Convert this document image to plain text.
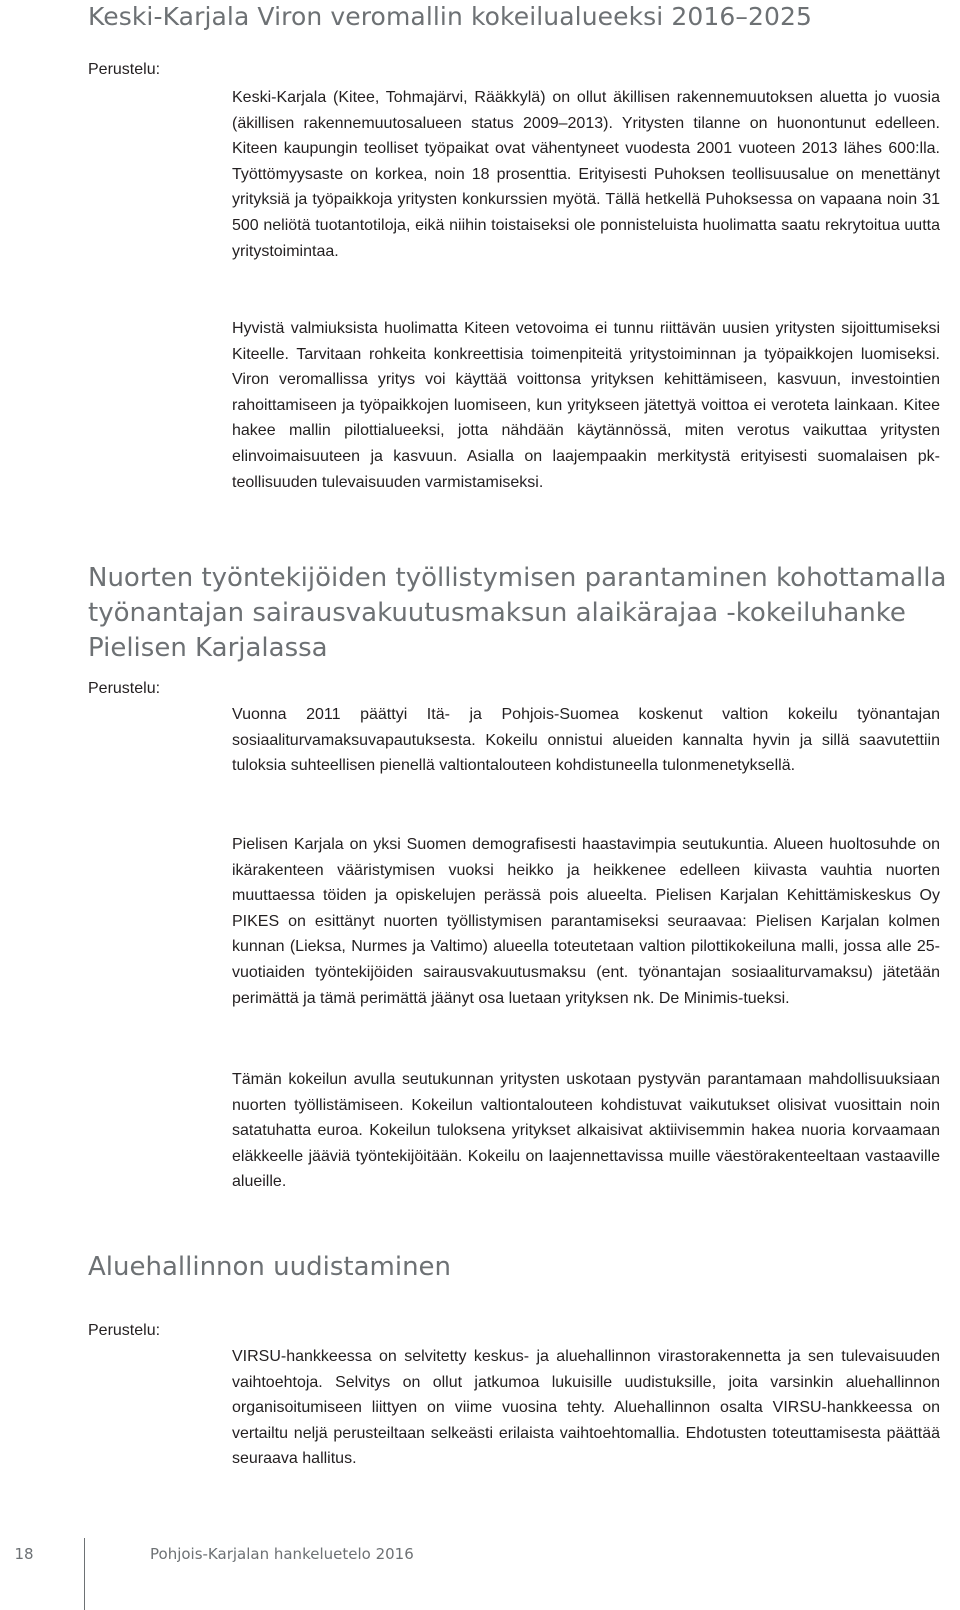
Keski-Karjala Viron veromallin kokeilualueeksi 2016–2025
Perustelu:

Keski-Karjala (Kitee, Tohmajärvi, Rääkkylä) on ollut äkillisen rakennemuutoksen aluetta jo vuosia (äkillisen rakennemuutosalueen status 2009–2013). Yritysten tilanne on huonontunut edelleen. Kiteen kaupungin teolliset työpaikat ovat vähentyneet vuodesta 2001 vuoteen 2013 lähes 600:lla. Työttömyysaste on korkea, noin 18 prosenttia. Erityisesti Puhoksen teollisuusalue on menettänyt yrityksiä ja työpaikkoja yritysten konkurssien myötä. Tällä hetkellä Puhoksessa on vapaana noin 31 500 neliötä tuotantotiloja, eikä niihin toistaiseksi ole ponnisteluista huolimatta saatu rekrytoitua uutta yritystoimintaa.

Hyvistä valmiuksista huolimatta Kiteen vetovoima ei tunnu riittävän uusien yritysten sijoittumiseksi Kiteelle. Tarvitaan rohkeita konkreettisia toimenpiteitä yritystoiminnan ja työpaikkojen luomiseksi. Viron veromallissa yritys voi käyttää voittonsa yrityksen kehittämiseen, kasvuun, investointien rahoittamiseen ja työpaikkojen luomiseen, kun yritykseen jätettyä voittoa ei veroteta lainkaan. Kitee hakee mallin pilottialueeksi, jotta nähdään käytännössä, miten verotus vaikuttaa yritysten elinvoimaisuuteen ja kasvuun. Asialla on laajempaakin merkitystä erityisesti suomalaisen pk-teollisuuden tulevaisuuden varmistamiseksi.

Nuorten työntekijöiden työllistymisen parantaminen kohottamalla työnantajan sairausvakuutusmaksun alaikärajaa -kokeiluhanke Pielisen Karjalassa
Perustelu:

Vuonna 2011 päättyi Itä- ja Pohjois-Suomea koskenut valtion kokeilu työnantajan sosiaaliturvamaksuvapautuksesta. Kokeilu onnistui alueiden kannalta hyvin ja sillä saavutettiin tuloksia suhteellisen pienellä valtiontalouteen kohdistuneella tulonmenetyksellä.

Pielisen Karjala on yksi Suomen demografisesti haastavimpia seutukuntia. Alueen huoltosuhde on ikärakenteen vääristymisen vuoksi heikko ja heikkenee edelleen kiivasta vauhtia nuorten muuttaessa töiden ja opiskelujen perässä pois alueelta. Pielisen Karjalan Kehittämiskeskus Oy PIKES on esittänyt nuorten työllistymisen parantamiseksi seuraavaa: Pielisen Karjalan kolmen kunnan (Lieksa, Nurmes ja Valtimo) alueella toteutetaan valtion pilottikokeiluna malli, jossa alle 25-vuotiaiden työntekijöiden sairausvakuutusmaksu (ent. työnantajan sosiaaliturvamaksu) jätetään perimättä ja tämä perimättä jäänyt osa luetaan yrityksen nk. De Minimis-tueksi.

Tämän kokeilun avulla seutukunnan yritysten uskotaan pystyvän parantamaan mahdollisuuksiaan nuorten työllistämiseen. Kokeilun valtiontalouteen kohdistuvat vaikutukset olisivat vuosittain noin satatuhatta euroa. Kokeilun tuloksena yritykset alkaisivat aktiivisemmin hakea nuoria korvaamaan eläkkeelle jääviä työntekijöitään. Kokeilu on laajennettavissa muille väestörakenteeltaan vastaaville alueille.

Aluehallinnon uudistaminen
Perustelu:

VIRSU-hankkeessa on selvitetty keskus- ja aluehallinnon virastorakennetta ja sen tulevaisuuden vaihtoehtoja. Selvitys on ollut jatkumoa lukuisille uudistuksille, joita varsinkin aluehallinnon organisoitumiseen liittyen on viime vuosina tehty. Aluehallinnon osalta VIRSU-hankkeessa on vertailtu neljä perusteiltaan selkeästi erilaista vaihtoehtomallia. Ehdotusten toteuttamisesta päättää seuraava hallitus.

18	Pohjois-Karjalan hankeluetelo 2016
